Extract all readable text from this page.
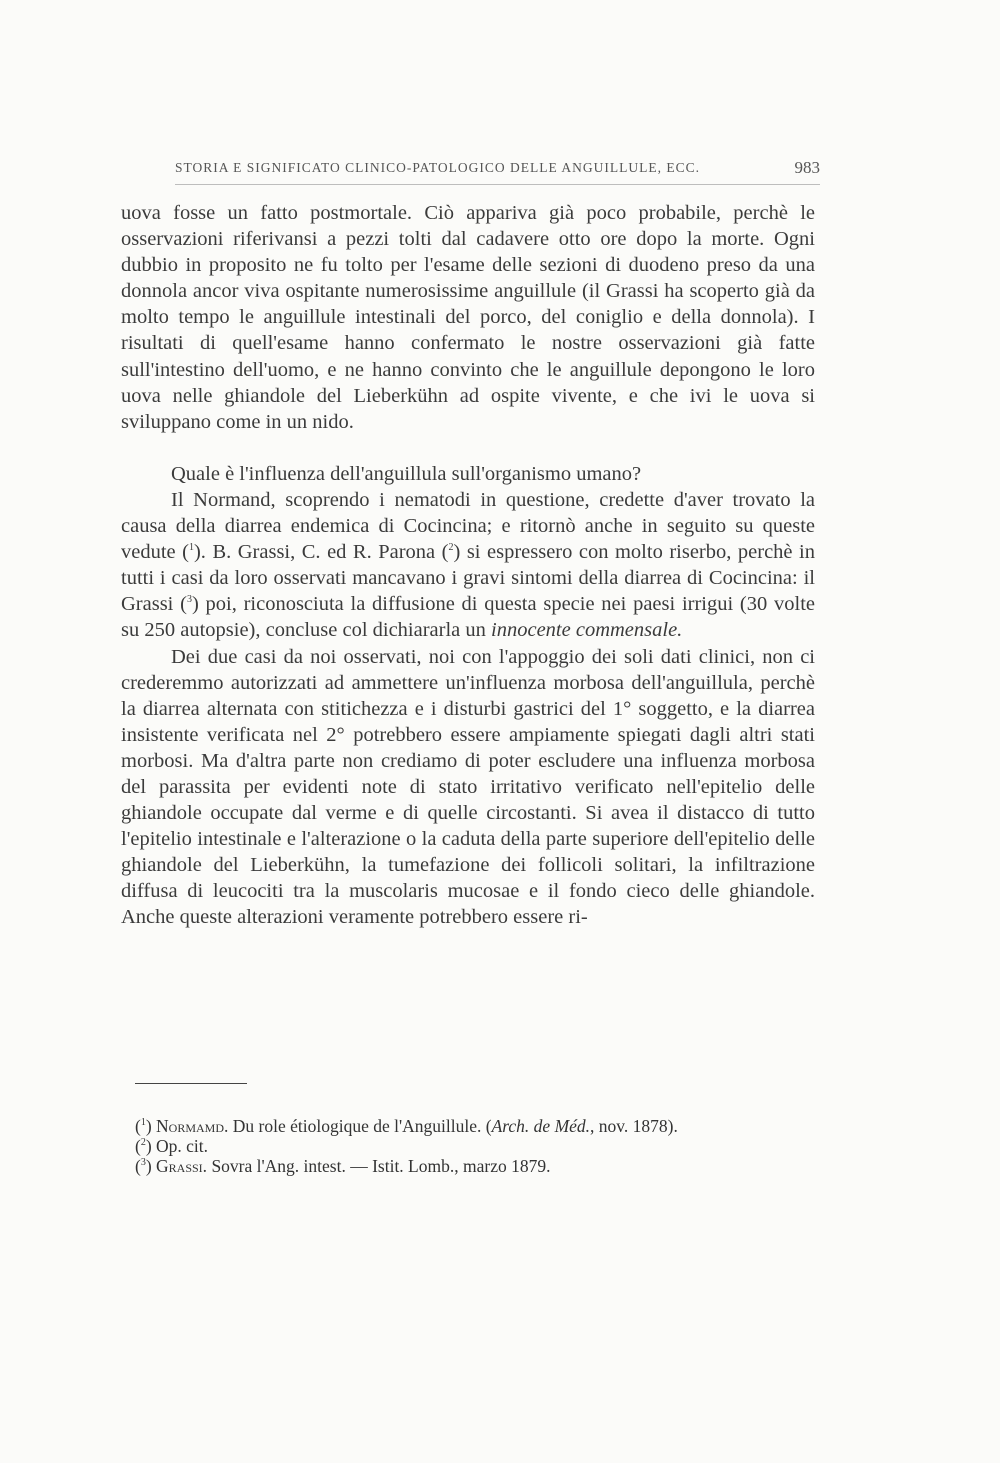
STORIA E SIGNIFICATO CLINICO-PATOLOGICO DELLE ANGUILLULE, ECC.	983

uova fosse un fatto postmortale. Ciò appariva già poco probabile, perchè le osservazioni riferivansi a pezzi tolti dal cadavere otto ore dopo la morte. Ogni dubbio in proposito ne fu tolto per l'esame delle sezioni di duodeno preso da una donnola ancor viva ospitante numerosissime anguillule (il Grassi ha scoperto già da molto tempo le anguillule intestinali del porco, del coniglio e della donnola). I risultati di quell'esame hanno confermato le nostre osservazioni già fatte sull'intestino dell'uomo, e ne hanno convinto che le anguillule depongono le loro uova nelle ghiandole del Lieberkühn ad ospite vivente, e che ivi le uova si sviluppano come in un nido.

Quale è l'influenza dell'anguillula sull'organismo umano?

Il Normand, scoprendo i nematodi in questione, credette d'aver trovato la causa della diarrea endemica di Cocincina; e ritornò anche in seguito su queste vedute ($^1$). B. Grassi, C. ed R. Parona ($^2$) si espressero con molto riserbo, perchè in tutti i casi da loro osservati mancavano i gravi sintomi della diarrea di Cocincina: il Grassi ($^3$) poi, riconosciuta la diffusione di questa specie nei paesi irrigui (30 volte su 250 autopsie), concluse col dichiararla un innocente commensale.

Dei due casi da noi osservati, noi con l'appoggio dei soli dati clinici, non ci crederemmo autorizzati ad ammettere un'influenza morbosa dell'anguillula, perchè la diarrea alternata con stitichezza e i disturbi gastrici del 1° soggetto, e la diarrea insistente verificata nel 2° potrebbero essere ampiamente spiegati dagli altri stati morbosi. Ma d'altra parte non crediamo di poter escludere una influenza morbosa del parassita per evidenti note di stato irritativo verificato nell'epitelio delle ghiandole occupate dal verme e di quelle circostanti. Si avea il distacco di tutto l'epitelio intestinale e l'alterazione o la caduta della parte superiore dell'epitelio delle ghiandole del Lieberkühn, la tumefazione dei follicoli solitari, la infiltrazione diffusa di leucociti tra la muscolaris mucosae e il fondo cieco delle ghiandole. Anche queste alterazioni veramente potrebbero essere ri-

($^1$) Normamd. Du role étiologique de l'Anguillule. (Arch. de Méd., nov. 1878).

($^2$) Op. cit.

($^3$) Grassi. Sovra l'Ang. intest. — Istit. Lomb., marzo 1879.
